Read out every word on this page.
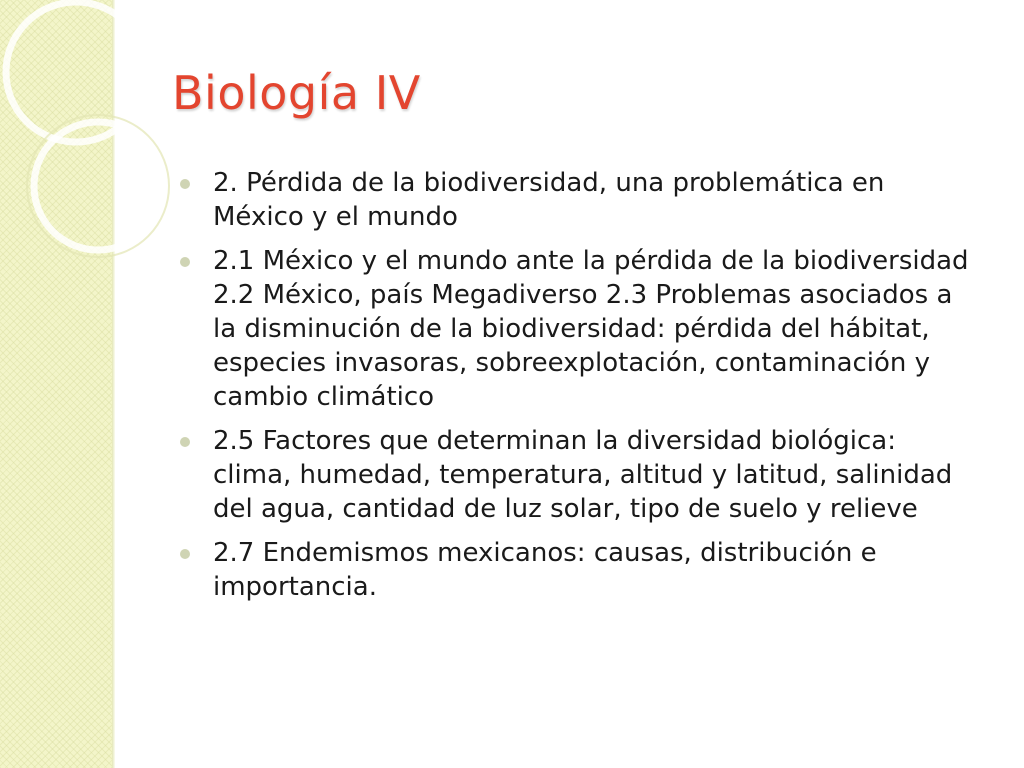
Biología IV
2. Pérdida de la biodiversidad, una problemática en México y el mundo
2.1 México y el mundo ante la pérdida de la biodiversidad 2.2 México, país Megadiverso 2.3 Problemas asociados a la disminución de la biodiversidad: pérdida del hábitat, especies invasoras, sobreexplotación, contaminación y cambio climático
2.5 Factores que determinan la diversidad biológica: clima, humedad, temperatura, altitud y latitud, salinidad del agua, cantidad de luz solar, tipo de suelo y relieve
2.7 Endemismos mexicanos: causas, distribución e importancia.
